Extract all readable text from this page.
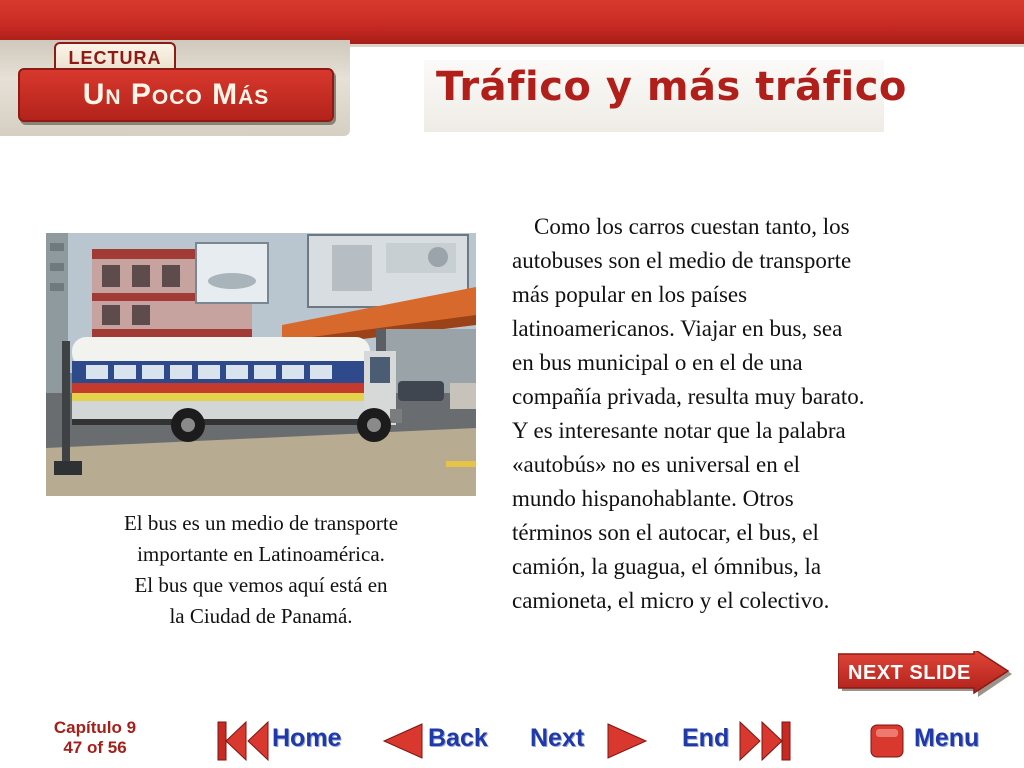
LECTURA
Un Poco Más	Tráfico y más tráfico
El bus es un medio de transporte
importante en Latinoamérica.
El bus que vemos aquí está en
la Ciudad de Panamá.
Como los carros cuestan tanto, los
autobuses son el medio de transporte
más popular en los países
latinoamericanos. Viajar en bus, sea
en bus municipal o en el de una
compañía privada, resulta muy barato.
Y es interesante notar que la palabra
«autobús» no es universal en el
mundo hispanohablante. Otros
términos son el autocar, el bus, el
camión, la guagua, el ómnibus, la
camioneta, el micro y el colectivo.
NEXT SLIDE
Capítulo 9
47 of 56	Home	Back Next	End	Menu
